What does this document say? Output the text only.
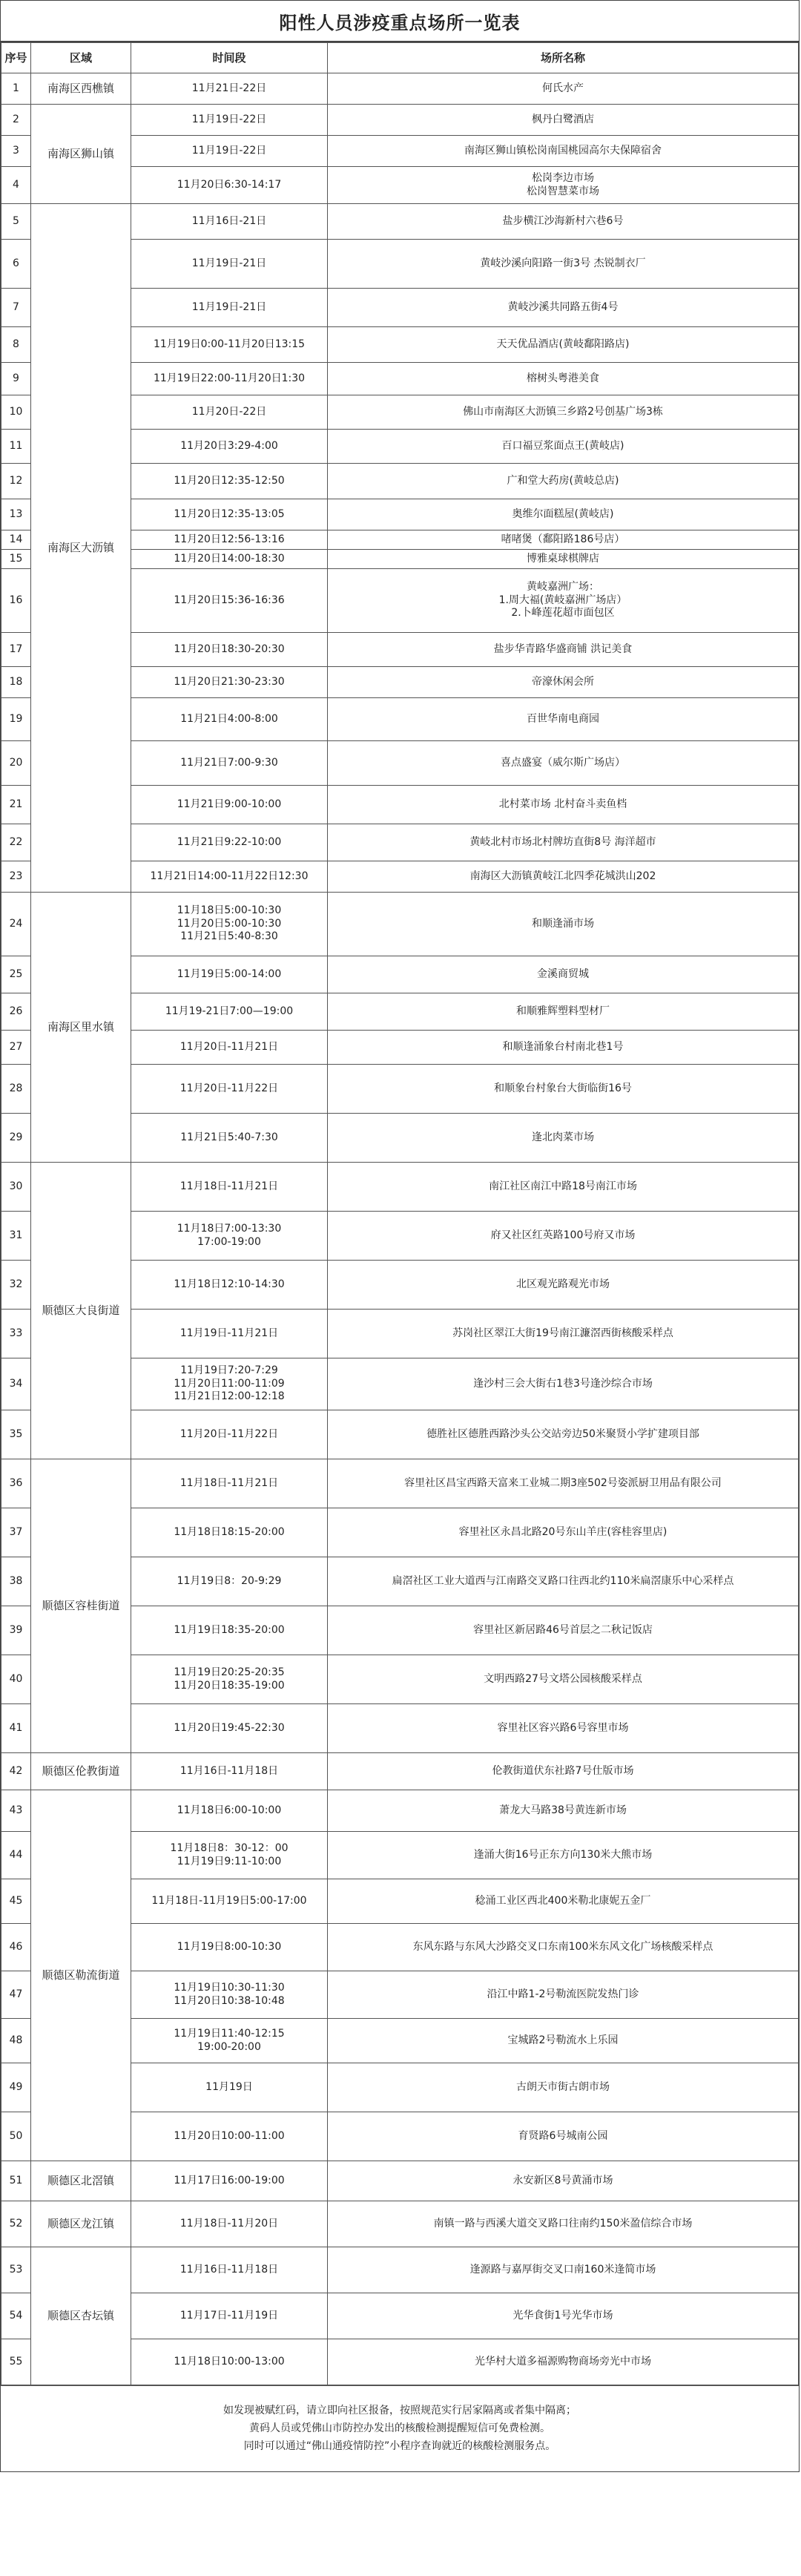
阳性人员涉疫重点场所一览表
序号	区域	时间段	场所名称
1	南海区西樵镇	11月21日-22日	何氏水产
2	南海区狮山镇	11月19日-22日	枫丹白鹭酒店
3		11月19日-22日	南海区狮山镇松岗南国桃园高尔夫保障宿舍
4		11月20日6:30-14:17	松岗李边市场
松岗智慧菜市场
5	南海区大沥镇	11月16日-21日	盐步横江沙海新村六巷6号
6		11月19日-21日	黄岐沙溪向阳路一街3号 杰锐制衣厂
7		11月19日-21日	黄岐沙溪共同路五街4号
8		11月19日0:00-11月20日13:15	天天优品酒店(黄岐鄱阳路店)
9		11月19日22:00-11月20日1:30	榕树头粤港美食
10		11月20日-22日	佛山市南海区大沥镇三乡路2号创基广场3栋
11		11月20日3:29-4:00	百口福豆浆面点王(黄岐店)
12		11月20日12:35-12:50	广和堂大药房(黄岐总店)
13		11月20日12:35-13:05	奥维尔面糕屋(黄岐店)
14		11月20日12:56-13:16	啫啫煲（鄱阳路186号店）
15		11月20日14:00-18:30	博雅桌球棋牌店
16		11月20日15:36-16:36	黄岐嘉洲广场：
1.周大福(黄岐嘉洲广场店）
2.卜峰莲花超市面包区
17		11月20日18:30-20:30	盐步华青路华盛商铺 洪记美食
18		11月20日21:30-23:30	帝濠休闲会所
19		11月21日4:00-8:00	百世华南电商园
20		11月21日7:00-9:30	喜点盛宴（威尔斯广场店）
21		11月21日9:00-10:00	北村菜市场 北村奋斗卖鱼档
22		11月21日9:22-10:00	黄岐北村市场北村牌坊直街8号 海洋超市
23		11月21日14:00-11月22日12:30	南海区大沥镇黄岐江北四季花城洪山202
24	南海区里水镇	11月18日5:00-10:30
11月20日5:00-10:30
11月21日5:40-8:30	和顺逢涌市场
25		11月19日5:00-14:00	金溪商贸城
26		11月19-21日7:00—19:00	和顺雅辉塑料型材厂
27		11月20日-11月21日	和顺逢涌象台村南北巷1号
28		11月20日-11月22日	和顺象台村象台大街临街16号
29		11月21日5:40-7:30	逢北肉菜市场
30	顺德区大良街道	11月18日-11月21日	南江社区南江中路18号南江市场
31		11月18日7:00-13:30
17:00-19:00	府又社区红英路100号府又市场
32		11月18日12:10-14:30	北区观光路观光市场
33		11月19日-11月21日	苏岗社区翠江大街19号南江濂滘西街核酸采样点
34		11月19日7:20-7:29
11月20日11:00-11:09
11月21日12:00-12:18	逢沙村三会大街右1巷3号逢沙综合市场
35		11月20日-11月22日	德胜社区德胜西路沙头公交站旁边50米聚贤小学扩建项目部
36	顺德区容桂街道	11月18日-11月21日	容里社区昌宝西路天富来工业城二期3座502号姿派厨卫用品有限公司
37		11月18日18:15-20:00	容里社区永昌北路20号东山羊庄(容桂容里店)
38		11月19日8：20-9:29	扁滘社区工业大道西与江南路交叉路口往西北约110米扁滘康乐中心采样点
39		11月19日18:35-20:00	容里社区新居路46号首层之二秋记饭店
40		11月19日20:25-20:35
11月20日18:35-19:00	文明西路27号文塔公园核酸采样点
41		11月20日19:45-22:30	容里社区容兴路6号容里市场
42	顺德区伦教街道	11月16日-11月18日	伦教街道伏东社路7号仕版市场
43	顺德区勒流街道	11月18日6:00-10:00	萧龙大马路38号黄连新市场
44		11月18日8：30-12：00
11月19日9:11-10:00	逢涌大街16号正东方向130米大熊市场
45		11月18日-11月19日5:00-17:00	稔涌工业区西北400米勒北康妮五金厂
46		11月19日8:00-10:30	东风东路与东风大沙路交叉口东南100米东风文化广场核酸采样点
47		11月19日10:30-11:30
11月20日10:38-10:48	沿江中路1-2号勒流医院发热门诊
48		11月19日11:40-12:15
19:00-20:00	宝城路2号勒流水上乐园
49		11月19日	古朗天市街古朗市场
50		11月20日10:00-11:00	育贤路6号城南公园
51	顺德区北滘镇	11月17日16:00-19:00	永安新区8号黄涌市场
52	顺德区龙江镇	11月18日-11月20日	南镇一路与西溪大道交叉路口往南约150米盈信综合市场
53	顺德区杏坛镇	11月16日-11月18日	逢源路与嘉厚街交叉口南160米逢简市场
54		11月17日-11月19日	光华食街1号光华市场
55		11月18日10:00-13:00	光华村大道多福源购物商场旁光中市场
如发现被赋红码，请立即向社区报备，按照规范实行居家隔离或者集中隔离；
黄码人员或凭佛山市防控办发出的核酸检测提醒短信可免费检测。
同时可以通过“佛山通疫情防控”小程序查询就近的核酸检测服务点。
